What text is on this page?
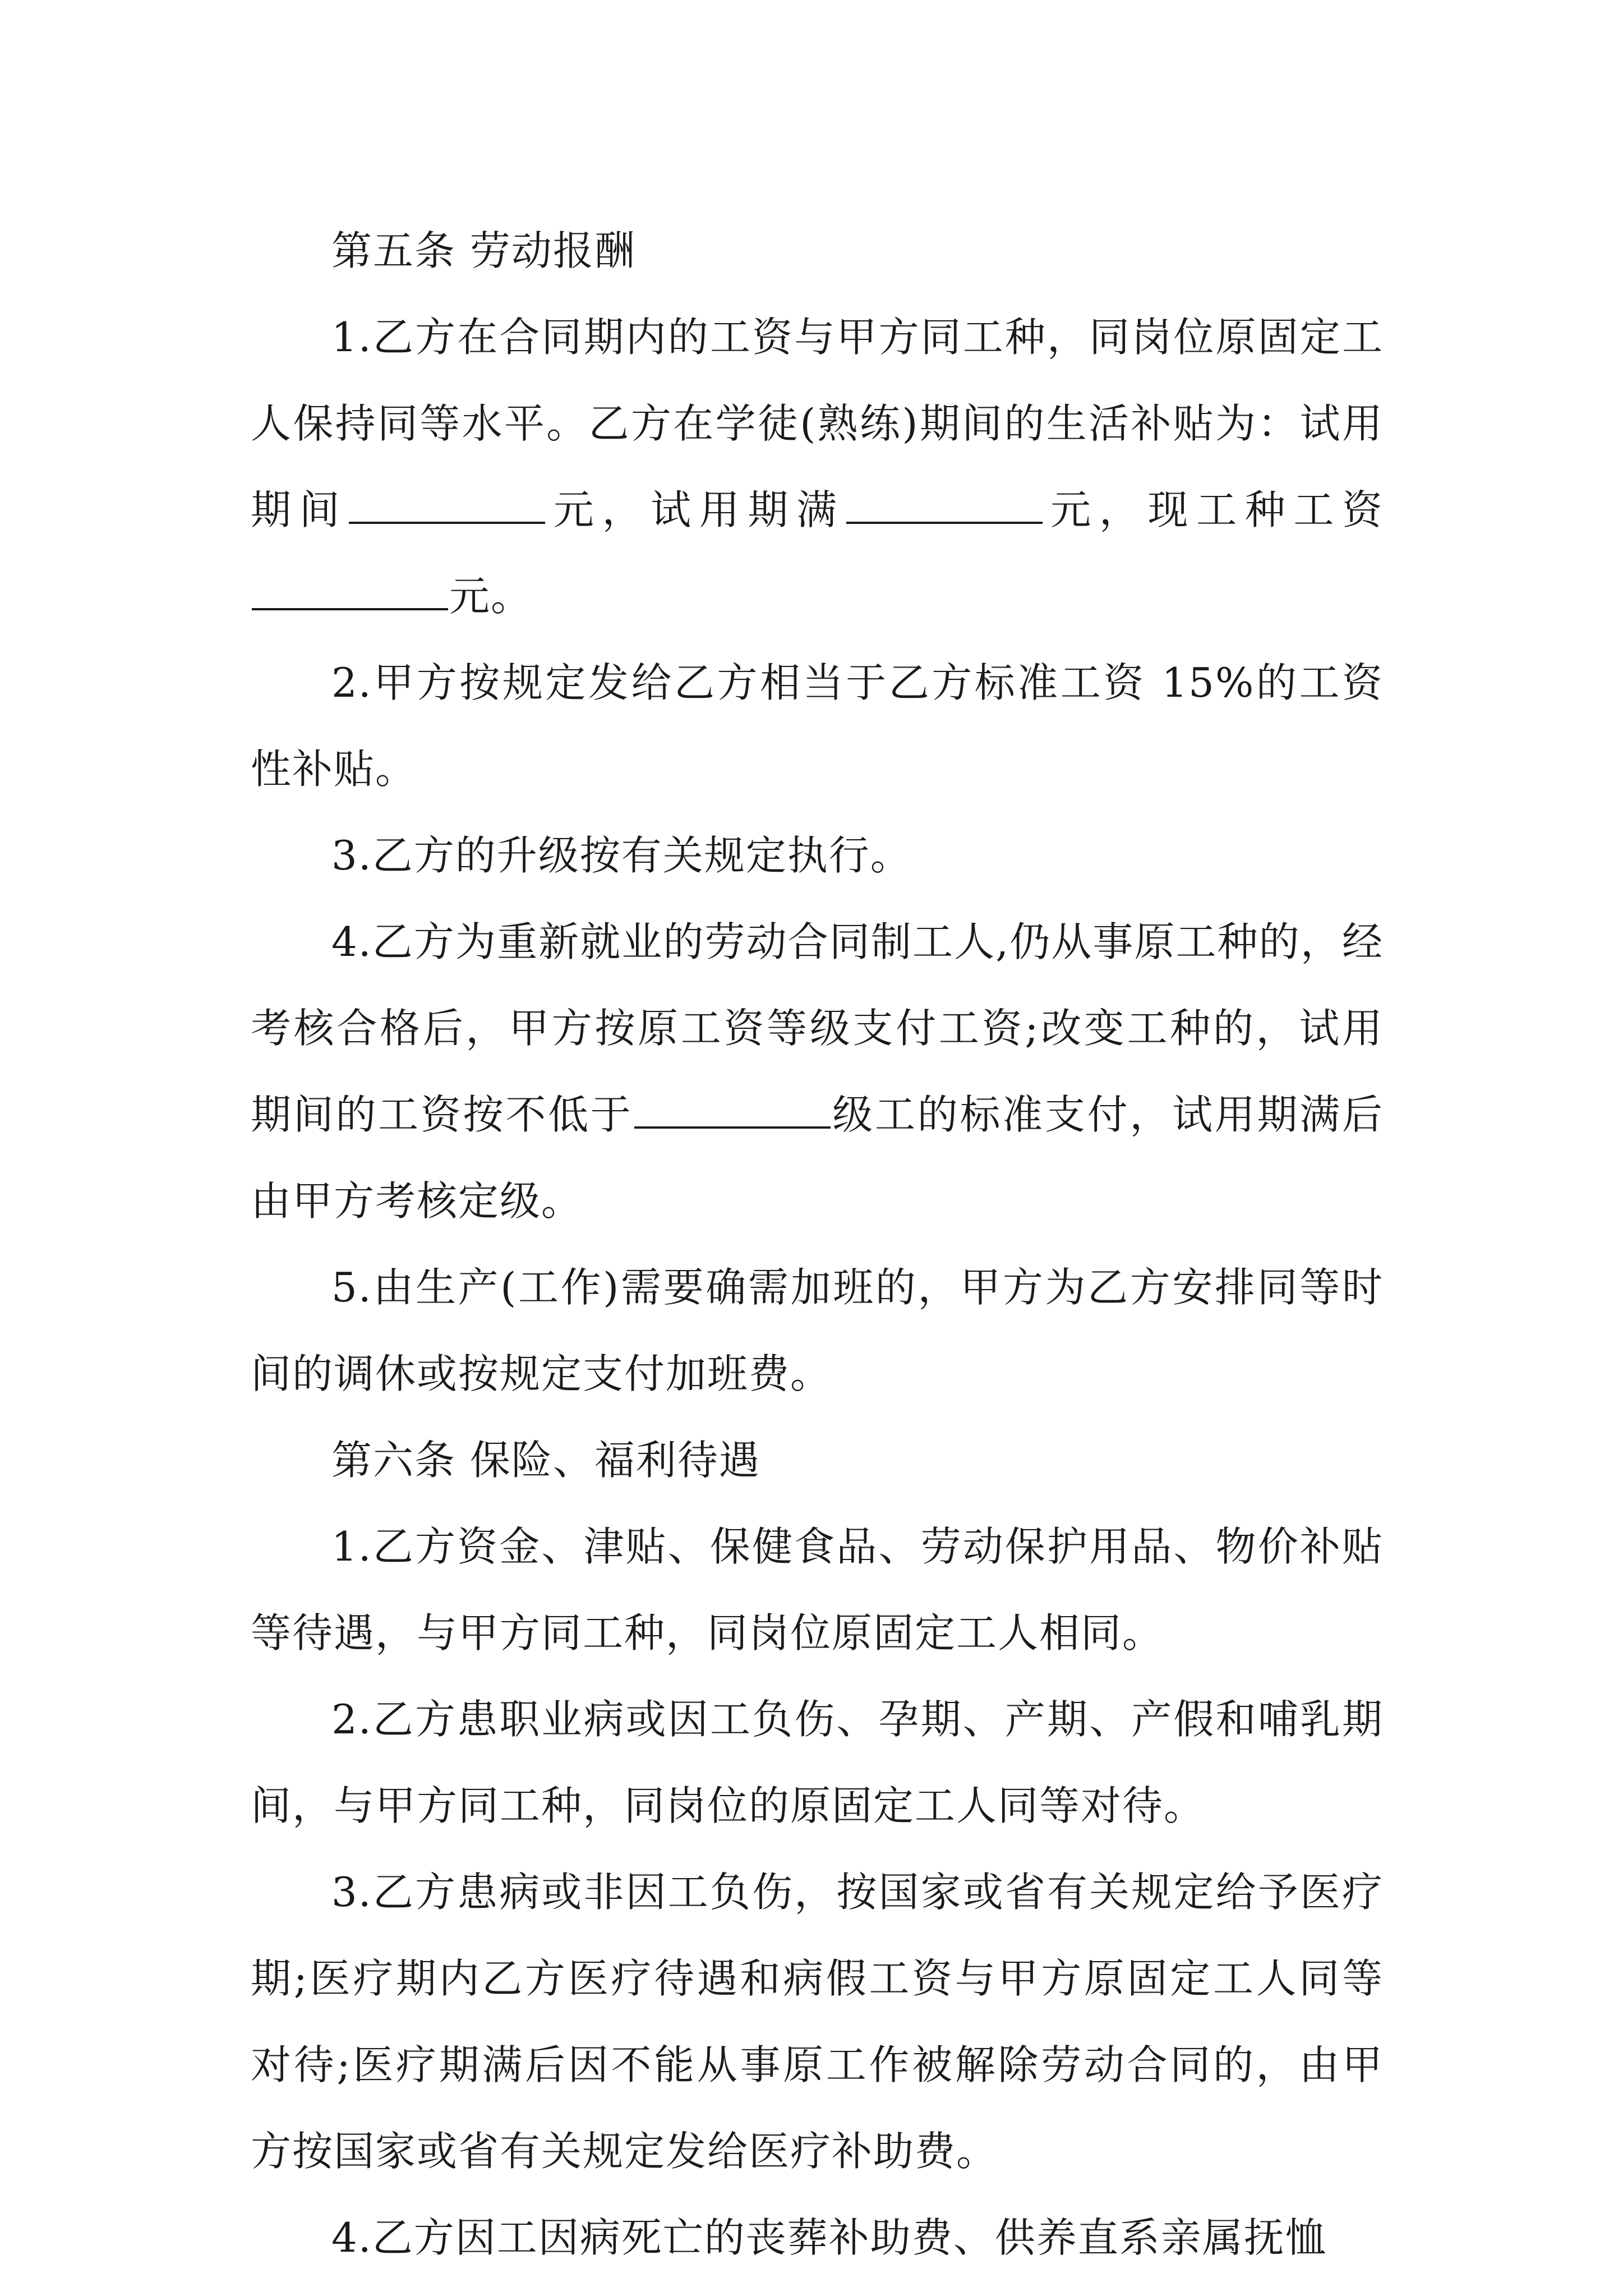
第五条 劳动报酬

1.乙方在合同期内的工资与甲方同工种，同岗位原固定工人保持同等水平。乙方在学徒(熟练)期间的生活补贴为：试用期间	元，试用期满	元，现工种工资元。

2.甲方按规定发给乙方相当于乙方标准工资 15%的工资性补贴。

3.乙方的升级按有关规定执行。

4.乙方为重新就业的劳动合同制工人,仍从事原工种的，经考核合格后，甲方按原工资等级支付工资;改变工种的，试用期间的工资按不低于	级工的标准支付，试用期满后由甲方考核定级。

5.由生产(工作)需要确需加班的，甲方为乙方安排同等时间的调休或按规定支付加班费。

第六条 保险、福利待遇

1.乙方资金、津贴、保健食品、劳动保护用品、物价补贴等待遇，与甲方同工种，同岗位原固定工人相同。

2.乙方患职业病或因工负伤、孕期、产期、产假和哺乳期间，与甲方同工种，同岗位的原固定工人同等对待。

3.乙方患病或非因工负伤，按国家或省有关规定给予医疗期;医疗期内乙方医疗待遇和病假工资与甲方原固定工人同等对待;医疗期满后因不能从事原工作被解除劳动合同的，由甲方按国家或省有关规定发给医疗补助费。

4.乙方因工因病死亡的丧葬补助费、供养直系亲属抚恤
